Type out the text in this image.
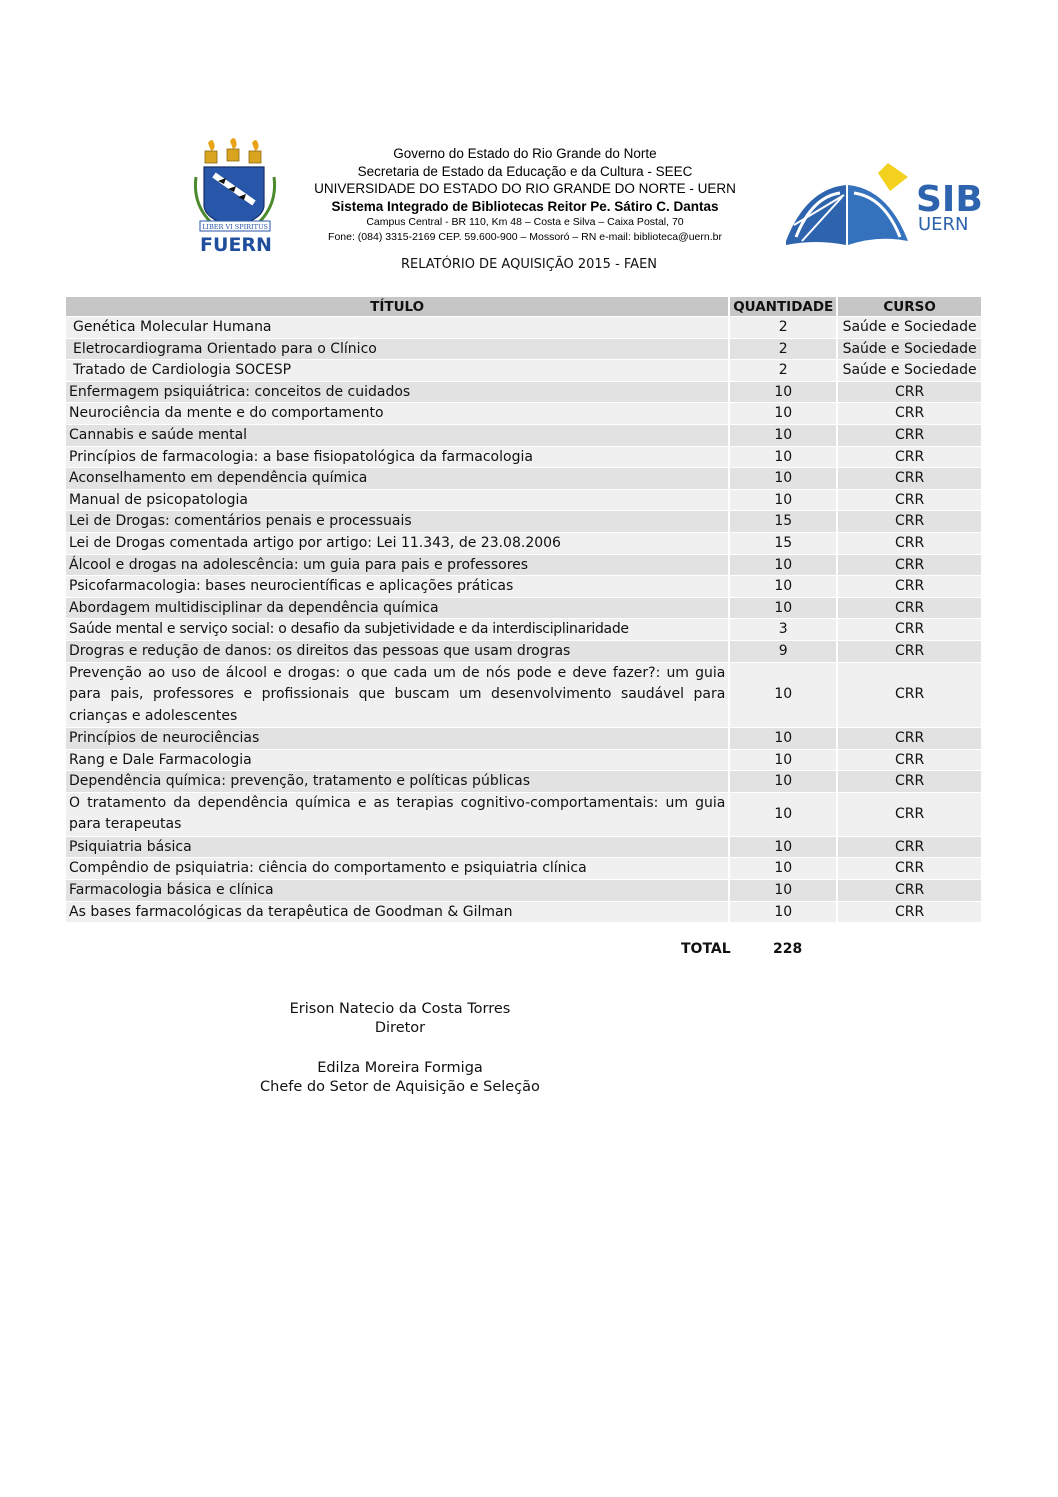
LIBER VI SPIRITUS
FUERN
Governo do Estado do Rio Grande do Norte
Secretaria de Estado da Educação e da Cultura - SEEC
UNIVERSIDADE DO ESTADO DO RIO GRANDE DO NORTE - UERN
Sistema Integrado de Bibliotecas Reitor Pe. Sátiro C. Dantas
Campus Central - BR 110, Km 48 – Costa e Silva – Caixa Postal, 70
Fone: (084) 3315-2169 CEP. 59.600-900 – Mossoró – RN e-mail: biblioteca@uern.br
SIB
UERN
RELATÓRIO DE AQUISIÇÃO 2015 - FAEN
TÍTULO	QUANTIDADE	CURSO
Genética Molecular Humana	2	Saúde e Sociedade
Eletrocardiograma Orientado para o Clínico	2	Saúde e Sociedade
Tratado de Cardiologia SOCESP	2	Saúde e Sociedade
Enfermagem psiquiátrica: conceitos de cuidados	10	CRR
Neurociência da mente e do comportamento	10	CRR
Cannabis e saúde mental	10	CRR
Princípios de farmacologia: a base fisiopatológica da farmacologia	10	CRR
Aconselhamento em dependência química	10	CRR
Manual de psicopatologia	10	CRR
Lei de Drogas: comentários penais e processuais	15	CRR
Lei de Drogas comentada artigo por artigo: Lei 11.343, de 23.08.2006	15	CRR
Álcool e drogas na adolescência: um guia para pais e professores	10	CRR
Psicofarmacologia: bases neurocientíficas e aplicações práticas	10	CRR
Abordagem multidisciplinar da dependência química	10	CRR
Saúde mental e serviço social: o desafio da subjetividade e da interdisciplinaridade	3	CRR
Drogras e redução de danos: os direitos das pessoas que usam drogras	9	CRR
Prevenção ao uso de álcool e drogas: o que cada um de nós pode e deve fazer?: um guia para pais, professores e profissionais que buscam um desenvolvimento saudável para crianças e adolescentes	10	CRR
Princípios de neurociências	10	CRR
Rang e Dale Farmacologia	10	CRR
Dependência química: prevenção, tratamento e políticas públicas	10	CRR
O tratamento da dependência química e as terapias cognitivo-comportamentais: um guia para terapeutas	10	CRR
Psiquiatria básica	10	CRR
Compêndio de psiquiatria: ciência do comportamento e psiquiatria clínica	10	CRR
Farmacologia básica e clínica	10	CRR
As bases farmacológicas da terapêutica de Goodman & Gilman	10	CRR
TOTAL	228
Erison Natecio da Costa Torres
Diretor
Edilza Moreira Formiga
Chefe do Setor de Aquisição e Seleção
